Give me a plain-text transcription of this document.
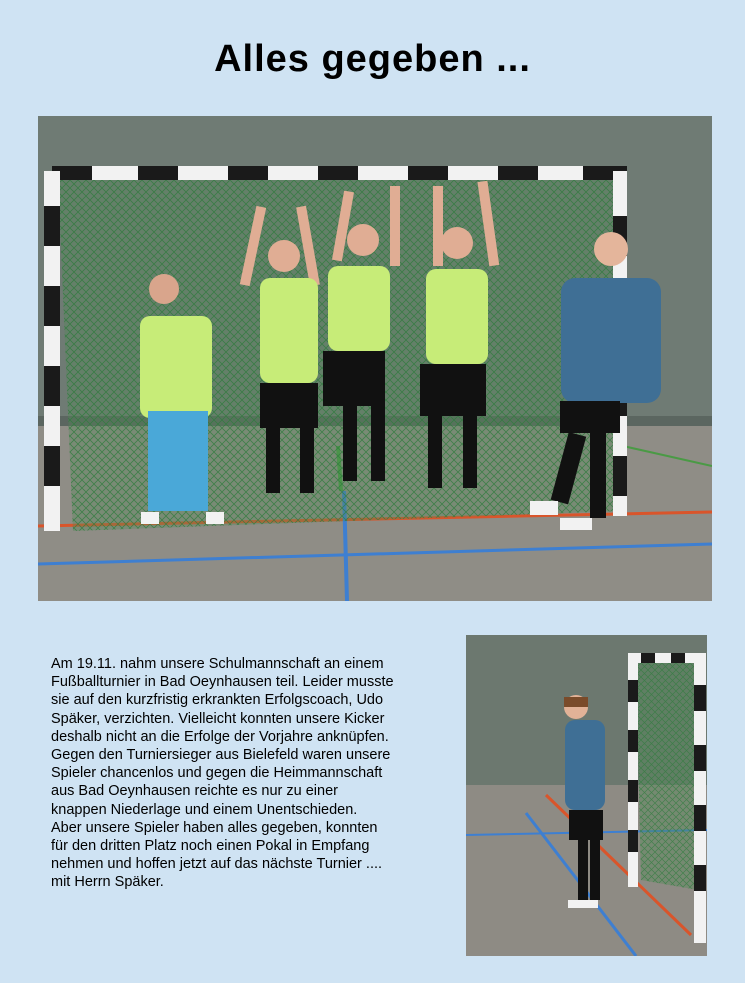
Alles gegeben ...

Am 19.11. nahm unsere Schulmannschaft an einem

Fußballturnier in Bad Oeynhausen teil. Leider musste

sie auf den kurzfristig erkrankten Erfolgscoach, Udo

Späker, verzichten. Vielleicht konnten unsere Kicker

deshalb nicht an die Erfolge der Vorjahre anknüpfen.

Gegen den Turniersieger aus Bielefeld waren unsere

Spieler chancenlos und gegen die Heimmannschaft

aus Bad Oeynhausen reichte es nur zu einer

knappen Niederlage und einem Unentschieden.

Aber unsere Spieler haben alles gegeben, konnten

für den dritten Platz noch einen Pokal in Empfang

nehmen und hoffen jetzt auf das nächste Turnier ....

mit Herrn Späker.
